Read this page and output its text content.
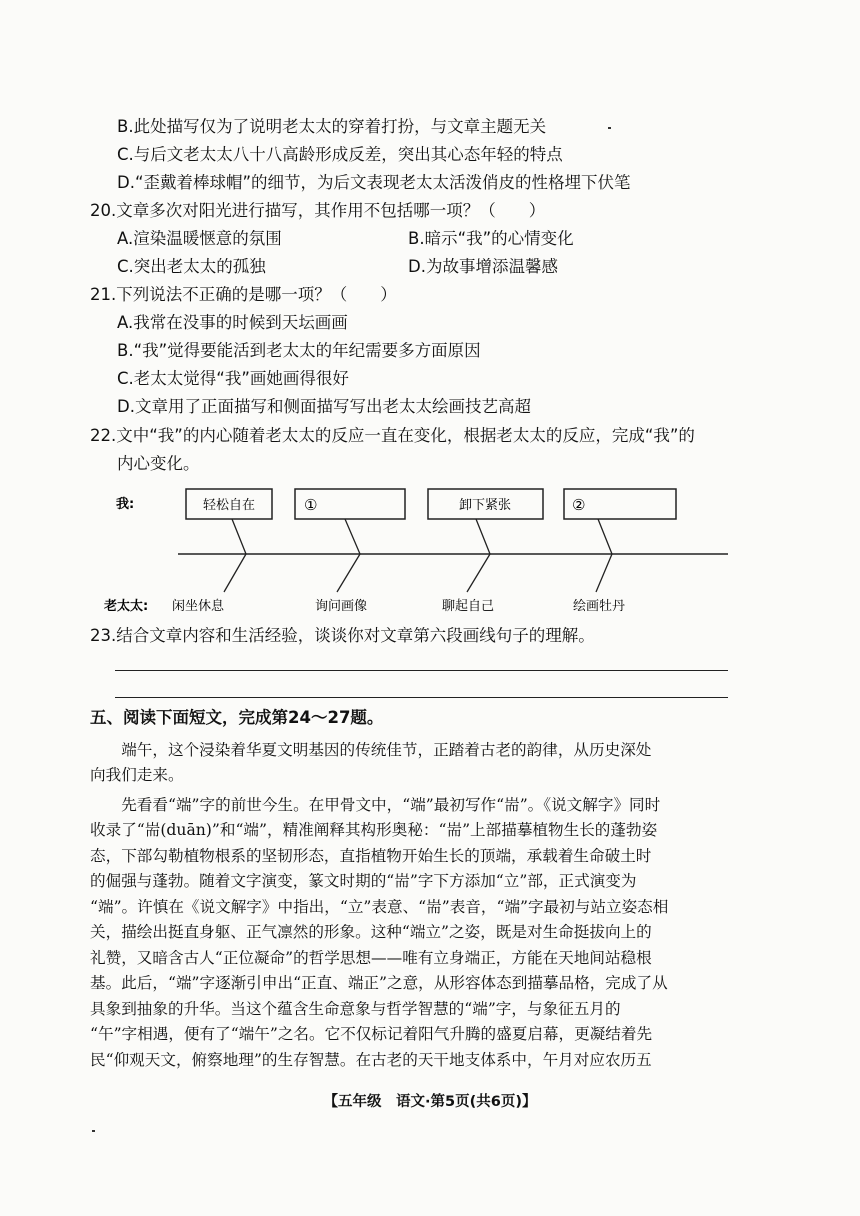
B.此处描写仅为了说明老太太的穿着打扮，与文章主题无关
C.与后文老太太八十八高龄形成反差，突出其心态年轻的特点
D.“歪戴着棒球帽”的细节，为后文表现老太太活泼俏皮的性格埋下伏笔
20.文章多次对阳光进行描写，其作用不包括哪一项？（　　）
A.渲染温暖惬意的氛围	B.暗示“我”的心情变化
C.突出老太太的孤独	D.为故事增添温馨感
21.下列说法不正确的是哪一项？（　　）
A.我常在没事的时候到天坛画画
B.“我”觉得要能活到老太太的年纪需要多方面原因
C.老太太觉得“我”画她画得很好
D.文章用了正面描写和侧面描写写出老太太绘画技艺高超
22.文中“我”的内心随着老太太的反应一直在变化，根据老太太的反应，完成“我”的
内心变化。
我:	轻松自在	①	卸下紧张	②
老太太: 闲坐休息	询问画像	聊起自己	绘画牡丹
23.结合文章内容和生活经验，谈谈你对文章第六段画线句子的理解。
五、阅读下面短文，完成第24～27题。
　　端午，这个浸染着华夏文明基因的传统佳节，正踏着古老的韵律，从历史深处
向我们走来。
　　先看看“端”字的前世今生。在甲骨文中，“端”最初写作“耑”。《说文解字》同时
收录了“耑(duān)”和“端”，精准阐释其构形奥秘：“耑”上部描摹植物生长的蓬勃姿
态，下部勾勒植物根系的坚韧形态，直指植物开始生长的顶端，承载着生命破土时
的倔强与蓬勃。随着文字演变，篆文时期的“耑”字下方添加“立”部，正式演变为
“端”。许慎在《说文解字》中指出，“立”表意、“耑”表音，“端”字最初与站立姿态相
关，描绘出挺直身躯、正气凛然的形象。这种“端立”之姿，既是对生命挺拔向上的
礼赞，又暗含古人“正位凝命”的哲学思想——唯有立身端正，方能在天地间站稳根
基。此后，“端”字逐渐引申出“正直、端正”之意，从形容体态到描摹品格，完成了从
具象到抽象的升华。当这个蕴含生命意象与哲学智慧的“端”字，与象征五月的
“午”字相遇，便有了“端午”之名。它不仅标记着阳气升腾的盛夏启幕，更凝结着先
民“仰观天文，俯察地理”的生存智慧。在古老的天干地支体系中，午月对应农历五
【五年级　语文·第5页(共6页)】
